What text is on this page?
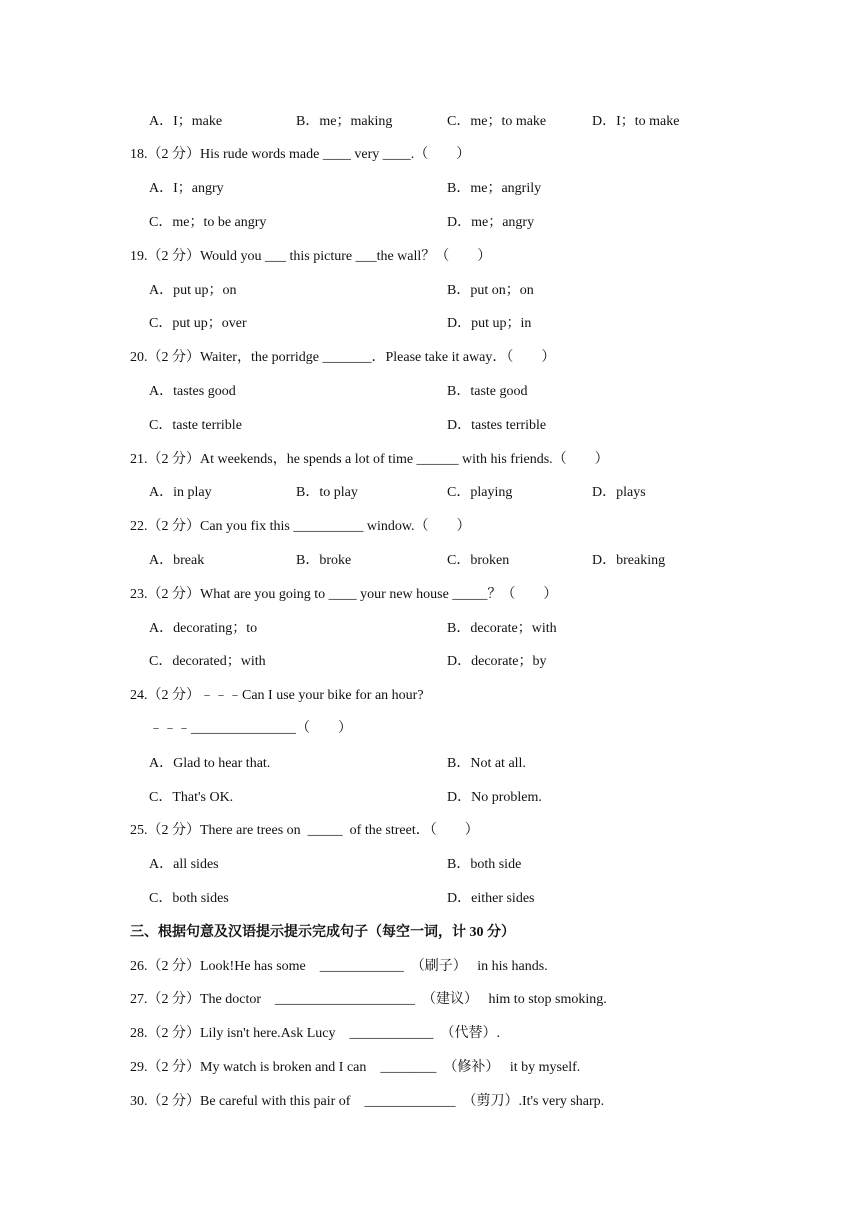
A．I；make	B．me；making	C．me；to make	D．I；to make
18.（2 分）His rude words made ____ very ____.（　　）
A．I；angry	B．me；angrily
C．me；to be angry	D．me；angry
19.（2 分）Would you ___ this picture ___the wall？（　　）
A．put up；on	B．put on；on
C．put up；over	D．put up；in
20.（2 分）Waiter，the porridge _______．Please take it away．（　　）
A．tastes good	B．taste good
C．taste terrible	D．tastes terrible
21.（2 分）At weekends，he spends a lot of time ______ with his friends.（　　）
A．in play	B．to play	C．playing	D．plays
22.（2 分）Can you fix this __________ window.（　　）
A．break	B．broke	C．broken	D．breaking
23.（2 分）What are you going to ____ your new house _____？（　　）
A．decorating；to	B．decorate；with
C．decorated；with	D．decorate；by
24.（2 分）﹣﹣﹣Can I use your bike for an hour?
﹣﹣﹣_______________（　　）
A．Glad to hear that.	B．Not at all.
C．That's OK.	D．No problem.
25.（2 分）There are trees on  _____  of the street．（　　）
A．all sides	B．both side
C．both sides	D．either sides
三、根据句意及汉语提示提示完成句子（每空一词，计 30 分）
26.（2 分）Look!He has some    ____________  （刷子）   in his hands.
27.（2 分）The doctor    ____________________  （建议）   him to stop smoking.
28.（2 分）Lily isn't here.Ask Lucy    ____________  （代替）.
29.（2 分）My watch is broken and I can    ________  （修补）   it by myself.
30.（2 分）Be careful with this pair of    _____________  （剪刀）.It's very sharp.
